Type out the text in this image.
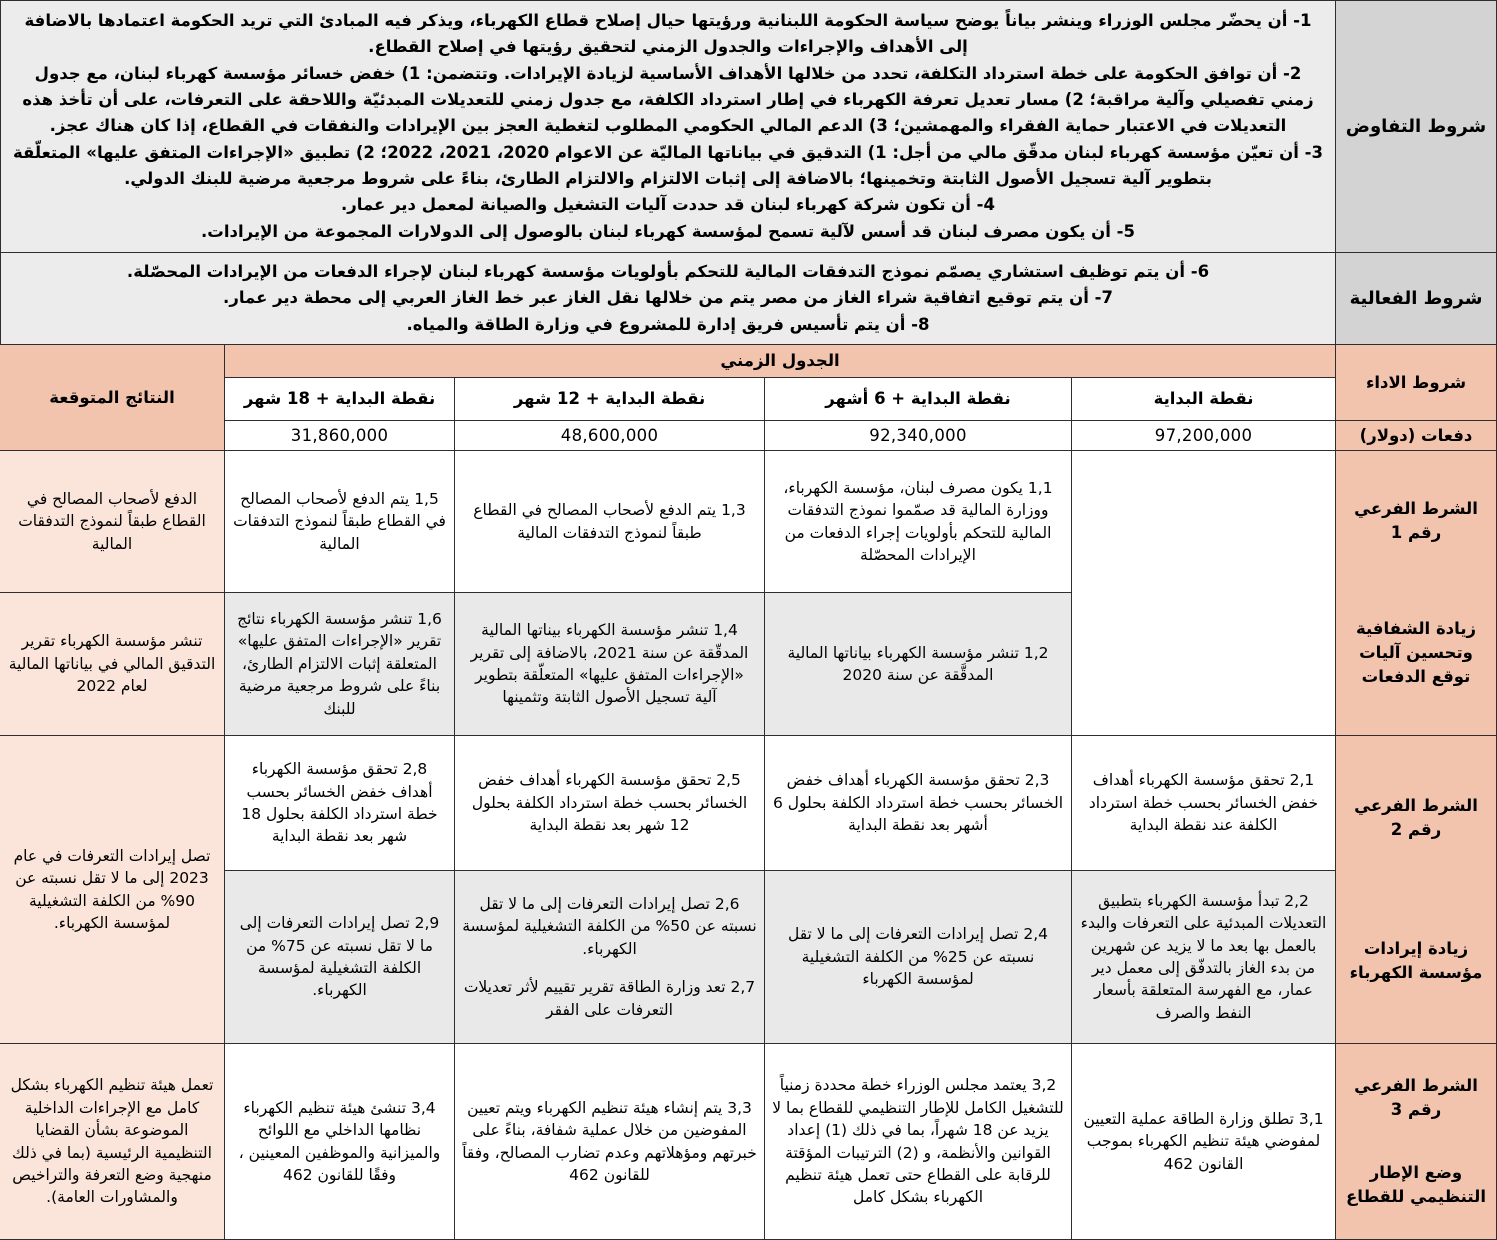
شروط التفاوض

1- أن يحضّر مجلس الوزراء وينشر بياناً يوضح سياسة الحكومة اللبنانية ورؤيتها حيال إصلاح قطاع الكهرباء، ويذكر فيه المبادئ التي تريد الحكومة اعتمادها بالاضافة إلى الأهداف والإجراءات والجدول الزمني لتحقيق رؤيتها في إصلاح القطاع.

2- أن توافق الحكومة على خطة استرداد التكلفة، تحدد من خلالها الأهداف الأساسية لزيادة الإيرادات. وتتضمن: 1) خفض خسائر مؤسسة كهرباء لبنان، مع جدول زمني تفصيلي وآلية مراقبة؛ 2) مسار تعديل تعرفة الكهرباء في إطار استرداد الكلفة، مع جدول زمني للتعديلات المبدئيّة واللاحقة على التعرفات، على أن تأخذ هذه التعديلات في الاعتبار حماية الفقراء والمهمشين؛ 3) الدعم المالي الحكومي المطلوب لتغطية العجز بين الإيرادات والنفقات في القطاع، إذا كان هناك عجز.

3- أن تعيّن مؤسسة كهرباء لبنان مدقّق مالي من أجل: 1) التدقيق في بياناتها الماليّة عن الاعوام 2020، 2021، 2022؛ 2) تطبيق «الإجراءات المتفق عليها» المتعلّقة بتطوير آلية تسجيل الأصول الثابتة وتخمينها؛ بالاضافة إلى إثبات الالتزام والالتزام الطارئ، بناءً على شروط مرجعية مرضية للبنك الدولي.

4- أن تكون شركة كهرباء لبنان قد حددت آليات التشغيل والصيانة لمعمل دير عمار.

5- أن يكون مصرف لبنان قد أسس لآلية تسمح لمؤسسة كهرباء لبنان بالوصول إلى الدولارات المجموعة من الإيرادات.

شروط الفعالية

6- أن يتم توظيف استشاري يصمّم نموذج التدفقات المالية للتحكم بأولويات مؤسسة كهرباء لبنان لإجراء الدفعات من الإيرادات المحصّلة.

7- أن يتم توقيع اتفاقية شراء الغاز من مصر يتم من خلالها نقل الغاز عبر خط الغاز العربي إلى محطة دير عمار.

8- أن يتم تأسيس فريق إدارة للمشروع في وزارة الطاقة والمياه.

شروط الاداء
الجدول الزمني
النتائج المتوقعة	نقطة البداية
نقطة البداية + 6 أشهر
نقطة البداية + 12 شهر
نقطة البداية + 18 شهر
دفعات (دولار)
97,200,000
92,340,000
48,600,000
31,860,000
الشرط الفرعي رقم 1
زيادة الشفافية وتحسين آليات توقع الدفعات
1,1 يكون مصرف لبنان، مؤسسة الكهرباء، ووزارة المالية قد صمّموا نموذج التدفقات المالية للتحكم بأولويات إجراء الدفعات من الإيرادات المحصّلة
1,2 تنشر مؤسسة الكهرباء بياناتها المالية المدقَّقة عن سنة 2020
1,3 يتم الدفع لأصحاب المصالح في القطاع طبقاً لنموذج التدفقات المالية
1,4 تنشر مؤسسة الكهرباء بيناتها المالية المدقّقة عن سنة 2021، بالاضافة إلى تقرير «الإجراءات المتفق عليها» المتعلّقة بتطوير آلية تسجيل الأصول الثابتة وتثمينها
1,5 يتم الدفع لأصحاب المصالح في القطاع طبقاً لنموذج التدفقات المالية
1,6 تنشر مؤسسة الكهرباء نتائج تقرير «الإجراءات المتفق عليها» المتعلقة إثبات الالتزام الطارئ، بناءً على شروط مرجعية مرضية للبنك
الدفع لأصحاب المصالح في القطاع طبقاً لنموذج التدفقات المالية
تنشر مؤسسة الكهرباء تقرير التدقيق المالي في بياناتها المالية لعام 2022
الشرط الفرعي رقم 2
زيادة إيرادات مؤسسة الكهرباء
2,1 تحقق مؤسسة الكهرباء أهداف خفض الخسائر بحسب خطة استرداد الكلفة عند نقطة البداية
2,2 تبدأ مؤسسة الكهرباء بتطبيق التعديلات المبدئية على التعرفات والبدء بالعمل بها بعد ما لا يزيد عن شهرين من بدء الغاز بالتدفّق إلى معمل دير عمار، مع الفهرسة المتعلقة بأسعار النفط والصرف
2,3 تحقق مؤسسة الكهرباء أهداف خفض الخسائر بحسب خطة استرداد الكلفة بحلول 6 أشهر بعد نقطة البداية
2,4 تصل إيرادات التعرفات إلى ما لا تقل نسبته عن 25% من الكلفة التشغيلية لمؤسسة الكهرباء
2,5 تحقق مؤسسة الكهرباء أهداف خفض الخسائر بحسب خطة استرداد الكلفة بحلول 12 شهر بعد نقطة البداية
2,6 تصل إيرادات التعرفات إلى ما لا تقل نسبته عن 50% من الكلفة التشغيلية لمؤسسة الكهرباء.
2,7 تعد وزارة الطاقة تقرير تقييم لأثر تعديلات التعرفات على الفقر
2,8 تحقق مؤسسة الكهرباء أهداف خفض الخسائر بحسب خطة استرداد الكلفة بحلول 18 شهر بعد نقطة البداية
2,9 تصل إيرادات التعرفات إلى ما لا تقل نسبته عن 75% من الكلفة التشغيلية لمؤسسة الكهرباء.
تصل إيرادات التعرفات في عام 2023 إلى ما لا تقل نسبته عن 90% من الكلفة التشغيلية لمؤسسة الكهرباء.
الشرط الفرعي رقم 3
وضع الإطار التنظيمي للقطاع
3,1 تطلق وزارة الطاقة عملية التعيين لمفوضي هيئة تنظيم الكهرباء بموجب القانون 462
3,2 يعتمد مجلس الوزراء خطة محددة زمنياً للتشغيل الكامل للإطار التنظيمي للقطاع بما لا يزيد عن 18 شهراً، بما في ذلك (1) إعداد القوانين والأنظمة، و (2) الترتيبات المؤقتة للرقابة على القطاع حتى تعمل هيئة تنظيم الكهرباء بشكل كامل
3,3 يتم إنشاء هيئة تنظيم الكهرباء ويتم تعيين المفوضين من خلال عملية شفافة، بناءً على خبرتهم ومؤهلاتهم وعدم تضارب المصالح، وفقاً للقانون 462
3,4 تنشئ هيئة تنظيم الكهرباء نظامها الداخلي مع اللوائح والميزانية والموظفين المعينين ، وفقًا للقانون 462
تعمل هيئة تنظيم الكهرباء بشكل كامل مع الإجراءات الداخلية الموضوعة بشأن القضايا التنظيمية الرئيسية (بما في ذلك منهجية وضع التعرفة والتراخيص والمشاورات العامة).
